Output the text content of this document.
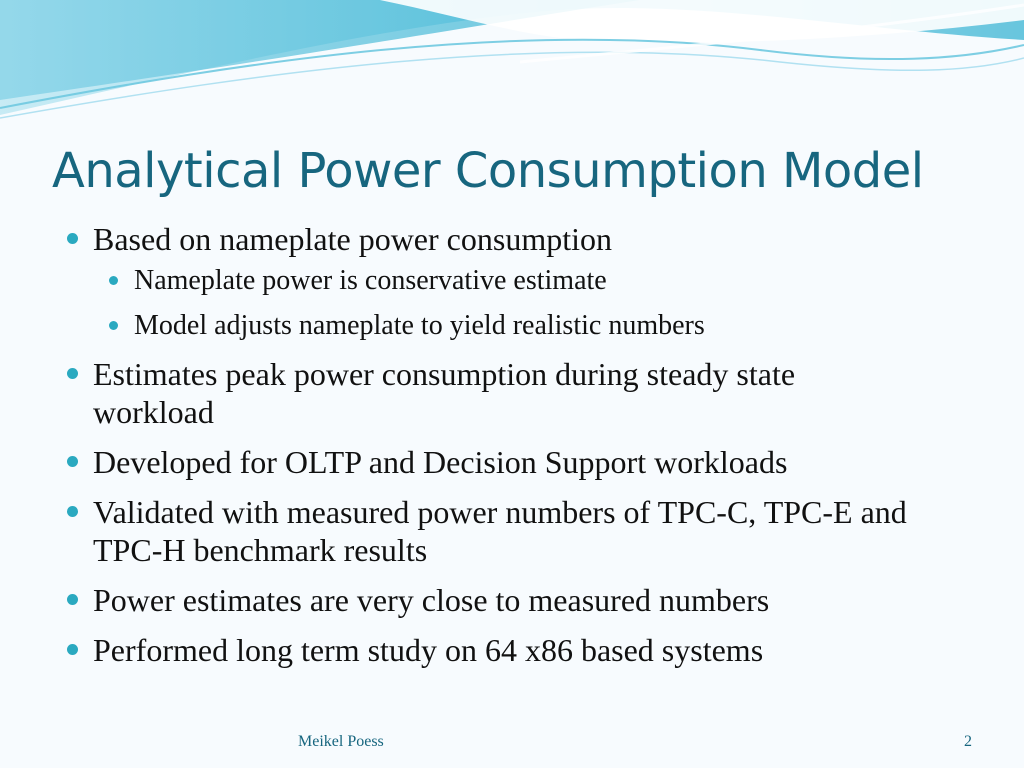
Analytical Power Consumption Model
Based on nameplate power consumption
Nameplate power is conservative estimate
Model adjusts nameplate to yield realistic numbers
Estimates peak power consumption during steady state workload
Developed for OLTP and Decision Support workloads
Validated with measured power numbers of TPC-C, TPC-E and TPC-H benchmark results
Power estimates are very close to measured numbers
Performed long term study on 64 x86 based systems
Meikel Poess	2
